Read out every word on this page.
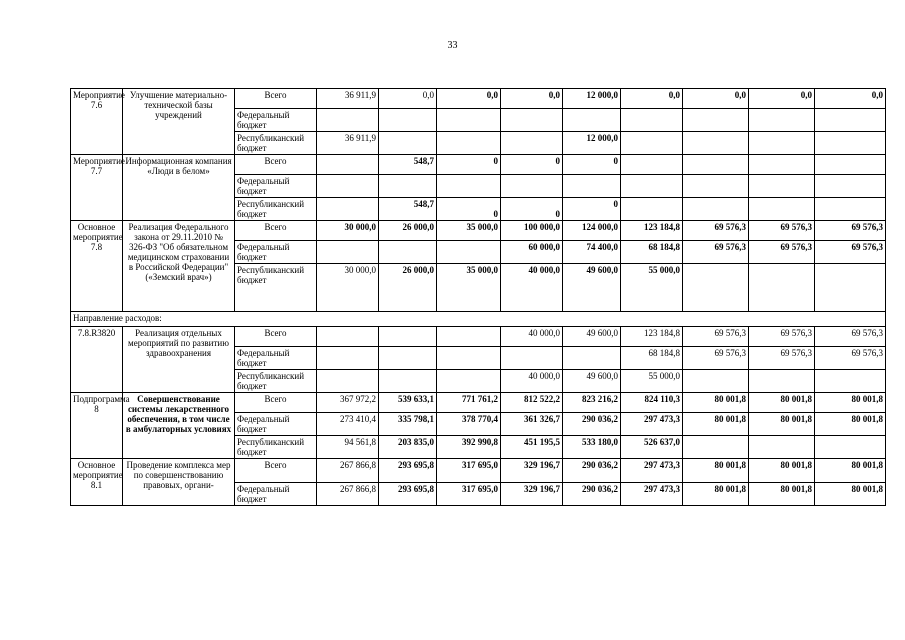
33
Мероприятие 7.6	Улучшение материально-технической базы учреждений	Всего	36 911,9	0,0	0,0	0,0	12 000,0	0,0	0,0	0,0	0,0
		Федеральный бюджет									
		Республиканский бюджет	36 911,9				12 000,0				
Мероприятие 7.7	Информационная компания «Люди в белом»	Всего		548,7	0	0	0				
		Федеральный бюджет									
		Республиканский бюджет		548,7	0	0	0				
Основное мероприятие 7.8	Реализация Федерального закона от 29.11.2010 № 326-ФЗ "Об обязательном медицинском страховании в Российской Федерации" («Земский врач»)	Всего	30 000,0	26 000,0	35 000,0	100 000,0	124 000,0	123 184,8	69 576,3	69 576,3	69 576,3
		Федеральный бюджет				60 000,0	74 400,0	68 184,8	69 576,3	69 576,3	69 576,3
		Республиканский бюджет	30 000,0	26 000,0	35 000,0	40 000,0	49 600,0	55 000,0			
Направление расходов:											
7.8.R3820	Реализация отдельных мероприятий по развитию здравоохранения	Всего				40 000,0	49 600,0	123 184,8	69 576,3	69 576,3	69 576,3
		Федеральный бюджет						68 184,8	69 576,3	69 576,3	69 576,3
		Республиканский бюджет				40 000,0	49 600,0	55 000,0			
Подпрограмма 8	Совершенствование системы лекарственного обеспечения, в том числе в амбулаторных условиях	Всего	367 972,2	539 633,1	771 761,2	812 522,2	823 216,2	824 110,3	80 001,8	80 001,8	80 001,8
		Федеральный бюджет	273 410,4	335 798,1	378 770,4	361 326,7	290 036,2	297 473,3	80 001,8	80 001,8	80 001,8
		Республиканский бюджет	94 561,8	203 835,0	392 990,8	451 195,5	533 180,0	526 637,0			
Основное мероприятие 8.1	Проведение комплекса мер по совершенствованию правовых, органи-	Всего	267 866,8	293 695,8	317 695,0	329 196,7	290 036,2	297 473,3	80 001,8	80 001,8	80 001,8
		Федеральный бюджет	267 866,8	293 695,8	317 695,0	329 196,7	290 036,2	297 473,3	80 001,8	80 001,8	80 001,8
